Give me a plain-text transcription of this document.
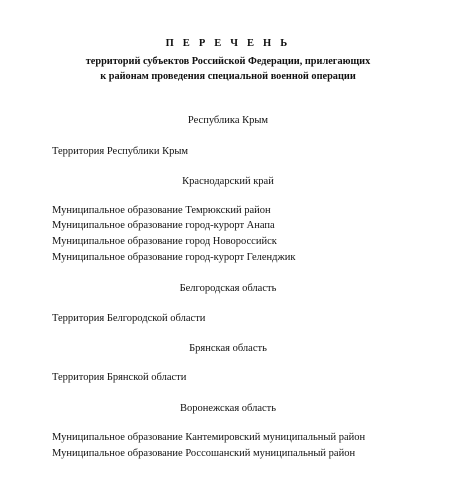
П Е Р Е Ч Е Н Ь
территорий субъектов Российской Федерации, прилегающих
к районам проведения специальной военной операции
Республика Крым
Территория Республики Крым
Краснодарский край
Муниципальное образование Темрюкский район
Муниципальное образование город-курорт Анапа
Муниципальное образование город Новороссийск
Муниципальное образование город-курорт Геленджик
Белгородская область
Территория Белгородской области
Брянская область
Территория Брянской области
Воронежская область
Муниципальное образование Кантемировский муниципальный район
Муниципальное образование Россошанский муниципальный район
